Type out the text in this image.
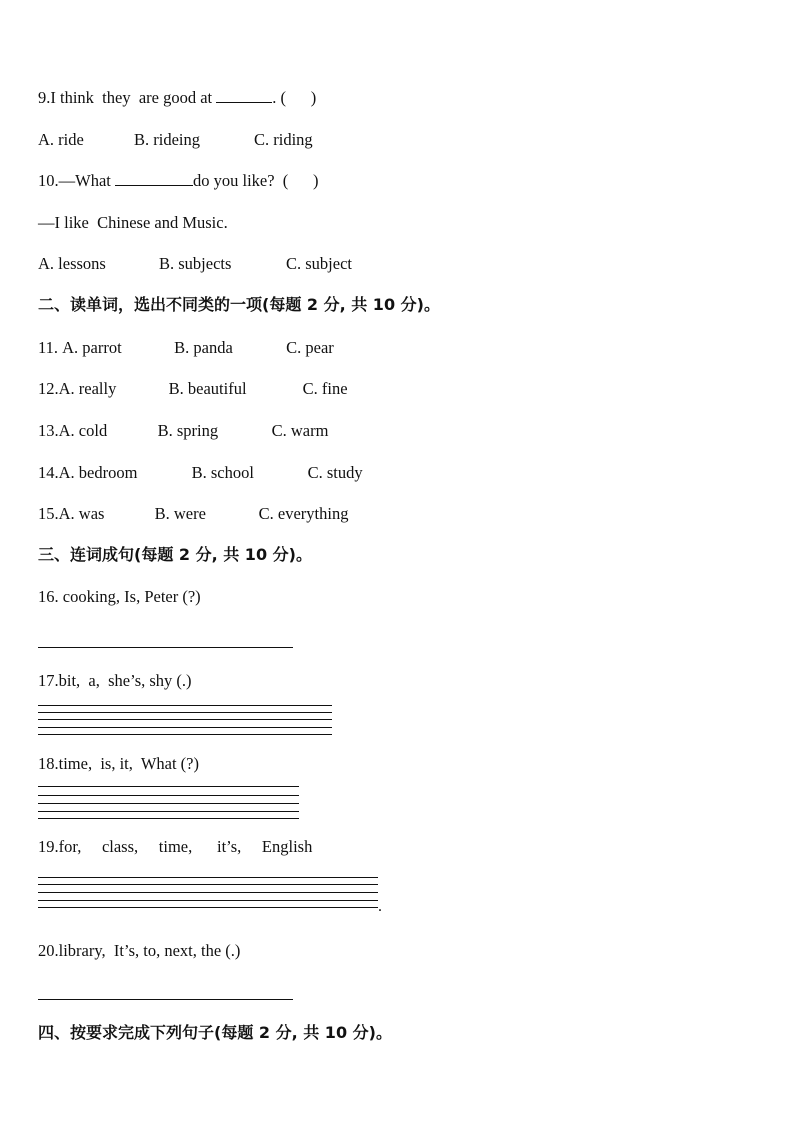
9.I think  they  are good at	. (      )
A. ride	B. rideing	C. riding
10.—What	do you like?  (      )
—I like  Chinese and Music.
A. lessons	B. subjects	C. subject
二、读单词，选出不同类的一项(每题 2 分, 共 10 分)。
11. A. parrot	B. panda	C. pear
12.A. really	B. beautiful	C. fine
13.A. cold	B. spring	C. warm
14.A. bedroom	B. school	C. study
15.A. was	B. were	C. everything
三、连词成句(每题 2 分, 共 10 分)。
16. cooking, Is, Peter (?)
17.bit,  a,  she’s, shy (.)
18.time,  is, it,  What (?)
19.for,     class,     time,      it’s,     English
.
20.library,  It’s, to, next, the (.)
四、按要求完成下列句子(每题 2 分, 共 10 分)。
